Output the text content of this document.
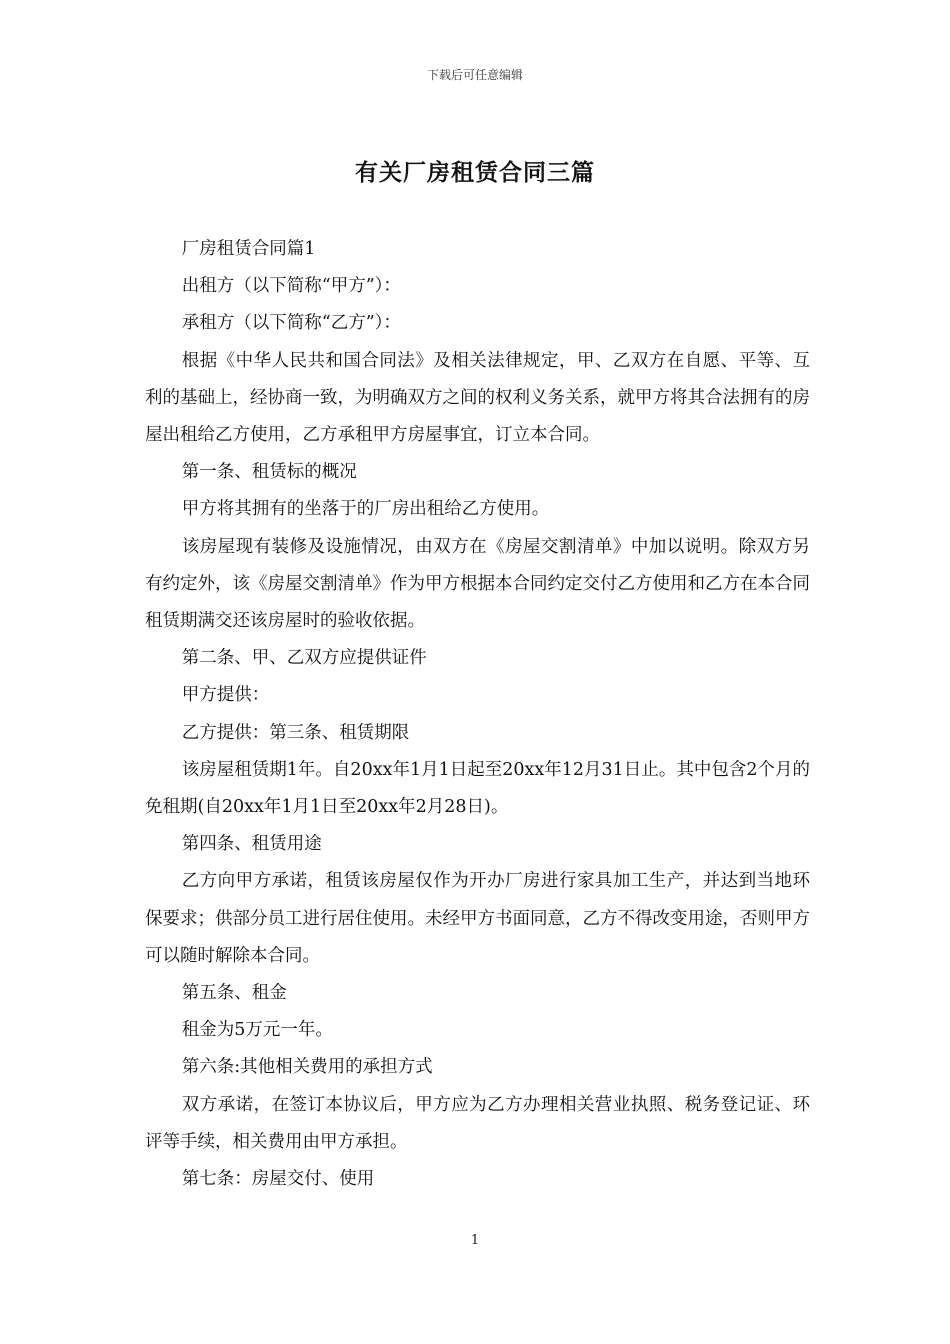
下载后可任意编辑
有关厂房租赁合同三篇

厂房租赁合同篇1

出租方（以下简称“甲方”）：

承租方（以下简称“乙方”）：

根据《中华人民共和国合同法》及相关法律规定，甲、乙双方在自愿、平等、互利的基础上，经协商一致，为明确双方之间的权利义务关系，就甲方将其合法拥有的房屋出租给乙方使用，乙方承租甲方房屋事宜，订立本合同。

第一条、租赁标的概况

甲方将其拥有的坐落于的厂房出租给乙方使用。

该房屋现有装修及设施情况，由双方在《房屋交割清单》中加以说明。除双方另有约定外，该《房屋交割清单》作为甲方根据本合同约定交付乙方使用和乙方在本合同租赁期满交还该房屋时的验收依据。

第二条、甲、乙双方应提供证件

甲方提供：

乙方提供：第三条、租赁期限

该房屋租赁期1年。自20xx年1月1日起至20xx年12月31日止。其中包含2个月的免租期(自20xx年1月1日至20xx年2月28日)。

第四条、租赁用途

乙方向甲方承诺，租赁该房屋仅作为开办厂房进行家具加工生产，并达到当地环保要求；供部分员工进行居住使用。未经甲方书面同意，乙方不得改变用途，否则甲方可以随时解除本合同。

第五条、租金

租金为5万元一年。

第六条:其他相关费用的承担方式

双方承诺，在签订本协议后，甲方应为乙方办理相关营业执照、税务登记证、环评等手续，相关费用由甲方承担。

第七条：房屋交付、使用

1
